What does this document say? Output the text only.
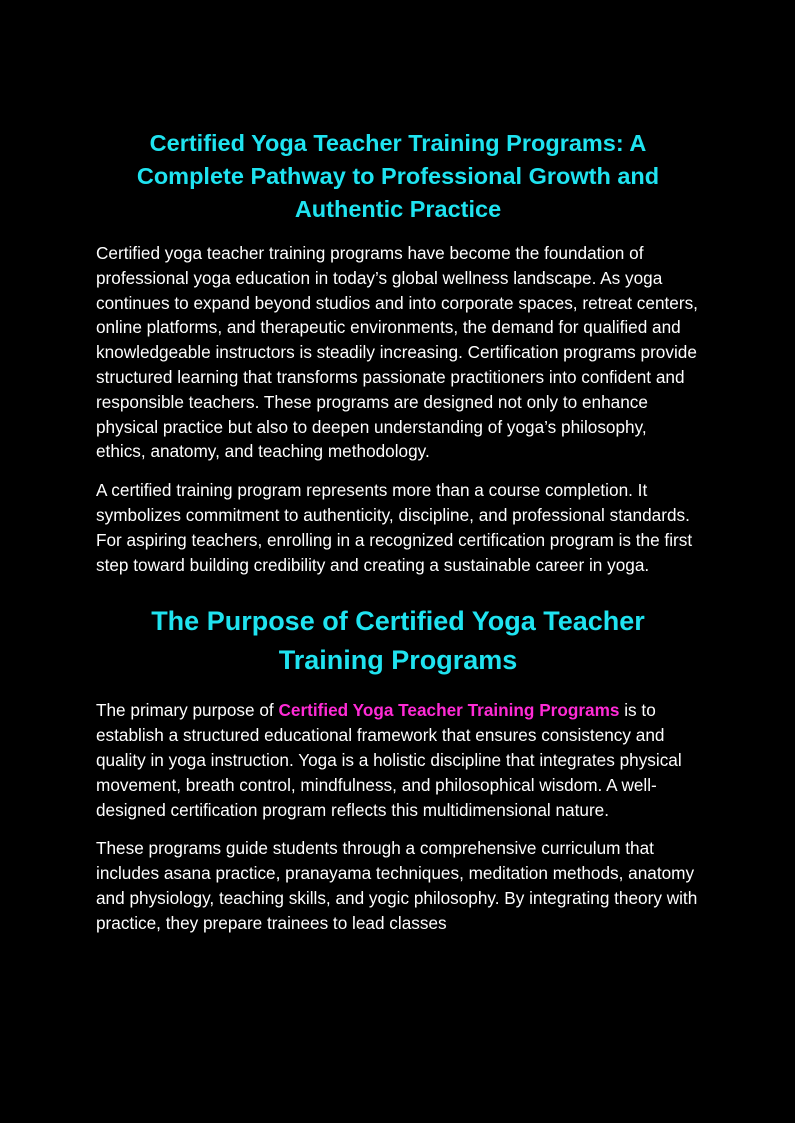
Certified Yoga Teacher Training Programs: A Complete Pathway to Professional Growth and Authentic Practice

Certified yoga teacher training programs have become the foundation of professional yoga education in today’s global wellness landscape. As yoga continues to expand beyond studios and into corporate spaces, retreat centers, online platforms, and therapeutic environments, the demand for qualified and knowledgeable instructors is steadily increasing. Certification programs provide structured learning that transforms passionate practitioners into confident and responsible teachers. These programs are designed not only to enhance physical practice but also to deepen understanding of yoga’s philosophy, ethics, anatomy, and teaching methodology.

A certified training program represents more than a course completion. It symbolizes commitment to authenticity, discipline, and professional standards. For aspiring teachers, enrolling in a recognized certification program is the first step toward building credibility and creating a sustainable career in yoga.

The Purpose of Certified Yoga Teacher Training Programs

The primary purpose of Certified Yoga Teacher Training Programs is to establish a structured educational framework that ensures consistency and quality in yoga instruction. Yoga is a holistic discipline that integrates physical movement, breath control, mindfulness, and philosophical wisdom. A well-designed certification program reflects this multidimensional nature.

These programs guide students through a comprehensive curriculum that includes asana practice, pranayama techniques, meditation methods, anatomy and physiology, teaching skills, and yogic philosophy. By integrating theory with practice, they prepare trainees to lead classes
